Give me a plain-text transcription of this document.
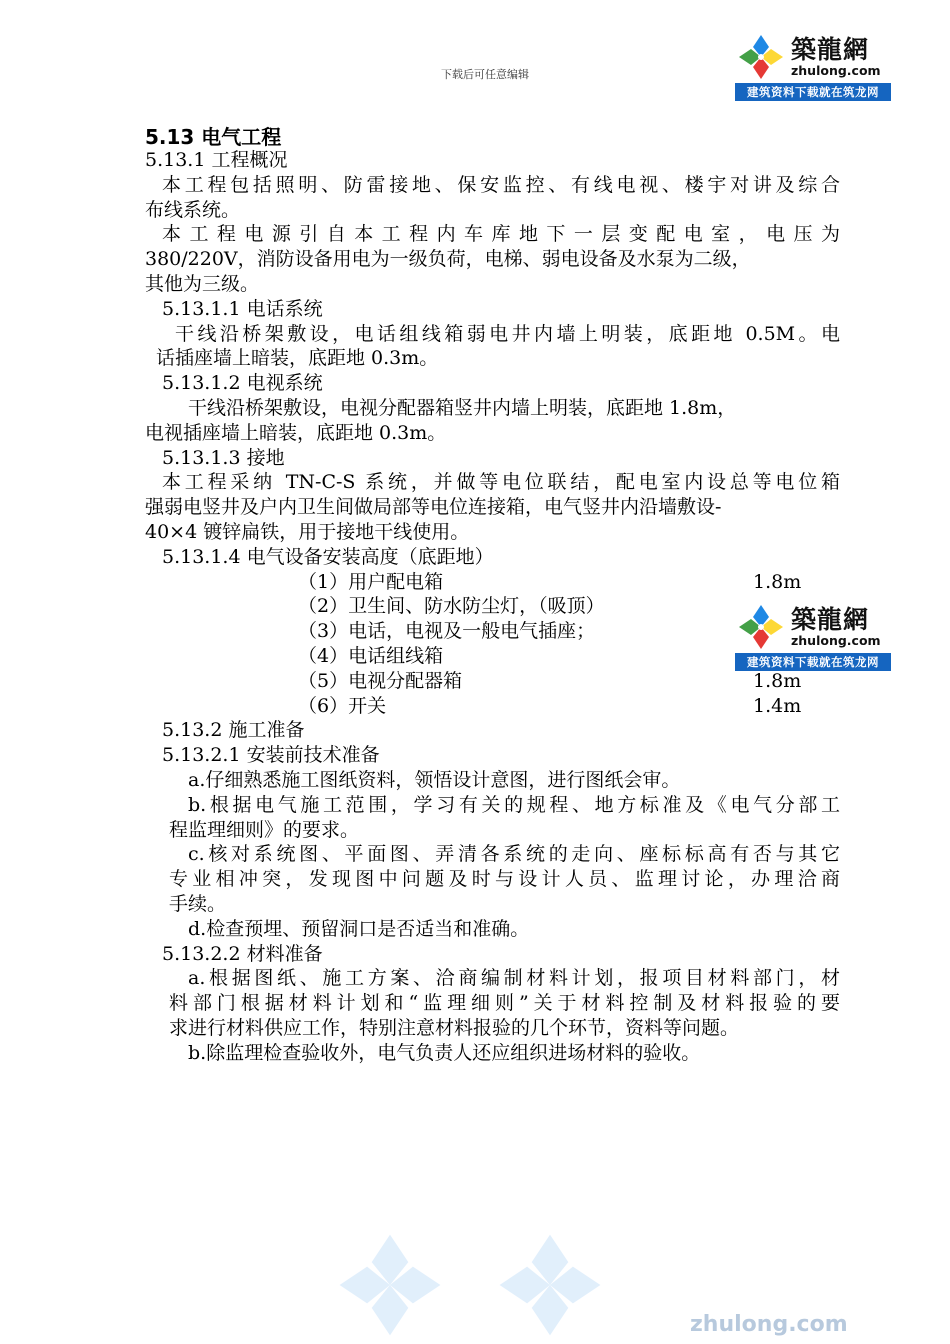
zhulong.com
下载后可任意编辑
築龍網
zhulong.com
建筑资料下载就在筑龙网
築龍網
zhulong.com
建筑资料下载就在筑龙网
5.13 电气工程
5.13.1 工程概况
本工程包括照明、防雷接地、保安监控、有线电视、楼宇对讲及综合
布线系统。
本工程电源引自本工程内车库地下一层变配电室，电压为
380/220V，消防设备用电为一级负荷，电梯、弱电设备及水泵为二级，
其他为三级。
5.13.1.1 电话系统
干线沿桥架敷设，电话组线箱弱电井内墙上明装，底距地 0.5M。电
话插座墙上暗装，底距地 0.3m。
5.13.1.2 电视系统
干线沿桥架敷设，电视分配器箱竖井内墙上明装，底距地 1.8m，
电视插座墙上暗装，底距地 0.3m。
5.13.1.3 接地
本工程采纳 TN-C-S 系统，并做等电位联结，配电室内设总等电位箱
强弱电竖井及户内卫生间做局部等电位连接箱，电气竖井内沿墙敷设-
40×4 镀锌扁铁，用于接地干线使用。
5.13.1.4 电气设备安装高度（底距地）
（1）用户配电箱	1.8m
（2）卫生间、防水防尘灯，（吸顶）
（3）电话，电视及一般电气插座；
（4）电话组线箱
（5）电视分配器箱	1.8m
（6）开关	1.4m
5.13.2 施工准备
5.13.2.1 安装前技术准备
a.仔细熟悉施工图纸资料，领悟设计意图，进行图纸会审。
b.根据电气施工范围，学习有关的规程、地方标准及《电气分部工
程监理细则》的要求。
c.核对系统图、平面图、弄清各系统的走向、座标标高有否与其它
专业相冲突，发现图中问题及时与设计人员、监理讨论，办理洽商
手续。
d.检查预埋、预留洞口是否适当和准确。
5.13.2.2 材料准备
a.根据图纸、施工方案、洽商编制材料计划，报项目材料部门，材
料部门根据材料计划和“监理细则”关于材料控制及材料报验的要
求进行材料供应工作，特别注意材料报验的几个环节，资料等问题。
b.除监理检查验收外，电气负责人还应组织进场材料的验收。
